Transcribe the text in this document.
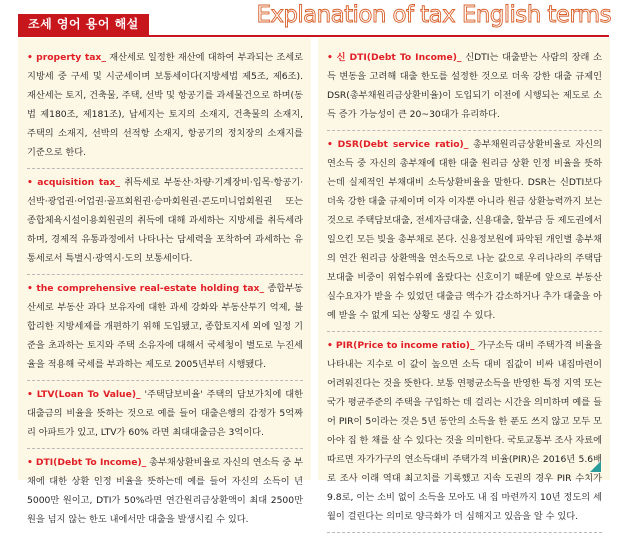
조세 영어 용어 해설	Explanation of tax English terms
• property tax_ 재산세로 일정한 재산에 대하여 부과되는 조세로 지방세 중 구세 및 시군세이며 보통세이다(지방세법 제5조, 제6조). 재산세는 토지, 건축물, 주택, 선박 및 항공기를 과세물건으로 하며(동법 제180조, 제181조), 납세지는 토지의 소재지, 건축물의 소재지, 주택의 소재지, 선박의 선적항 소재지, 항공기의 정치장의 소재지를 기준으로 한다.
• acquisition tax_ 취득세로 부동산·차량·기계장비·입목·항공기·선박·광업권·어업권·골프회원권·승마회원권·콘도미니엄회원권 또는 종합체육시설이용회원권의 취득에 대해 과세하는 지방세를 취득세라 하며, 경제적 유통과정에서 나타나는 담세력을 포착하여 과세하는 유통세로서 특별시·광역시·도의 보통세이다.
• the comprehensive real-estate holding tax_ 종합부동산세로 부동산 과다 보유자에 대한 과세 강화와 부동산투기 억제, 불합리한 지방세제를 개편하기 위해 도입됐고, 종합토지세 외에 일정 기준을 초과하는 토지와 주택 소유자에 대해서 국세청이 별도로 누진세율을 적용해 국세를 부과하는 제도로 2005년부터 시행됐다.
• LTV(Loan To Value)_ '주택담보비율' 주택의 담보가치에 대한 대출금의 비율을 뜻하는 것으로 예를 들어 대출은행의 감정가 5억짜리 아파트가 있고, LTV가 60% 라면 최대대출금은 3억이다.
• DTI(Debt To Income)_ 총부채상환비율로 자신의 연소득 중 부채에 대한 상환 인정 비율을 뜻하는데 예를 들어 자신의 소득이 년 5000만 원이고, DTI가 50%라면 연간원리금상환액이 최대 2500만 원을 넘지 않는 한도 내에서만 대출을 발생시킬 수 있다.
• 신 DTI(Debt To Income)_ 신DTI는 대출받는 사람의 장래 소득 변동을 고려해 대출 한도를 설정한 것으로 더욱 강한 대출 규제인 DSR(총부채원리금상환비율)이 도입되기 이전에 시행되는 제도로 소득 증가 가능성이 큰 20~30대가 유리하다.
• DSR(Debt service ratio)_ 총부채원리금상환비율로 자신의 연소득 중 자신의 총부채에 대한 대출 원리금 상환 인정 비율을 뜻하는데 실제적인 부채대비 소득상환비율을 말한다. DSR는 신DTI보다 더욱 강한 대출 규제이며 이자 이자뿐 아니라 원금 상환능력까지 보는 것으로 주택담보대출, 전세자금대출, 신용대출, 할부금 등 제도권에서 일으킨 모든 빚을 총부채로 본다. 신용정보원에 파악된 개인별 총부채의 연간 원리금 상환액을 연소득으로 나눈 값으로 우리나라의 주택담보대출 비중이 위험수위에 올랐다는 신호이기 때문에 앞으로 부동산 실수요자가 받을 수 있었던 대출금 액수가 감소하거나 추가 대출을 아예 받을 수 없게 되는 상황도 생길 수 있다.
• PIR(Price to income ratio)_ 가구소득 대비 주택가격 비율을 나타내는 지수로 이 값이 높으면 소득 대비 집값이 비싸 내집마련이 어려워진다는 것을 뜻한다. 보통 연평균소득을 반영한 특정 지역 또는 국가 평균주준의 주택을 구입하는 데 걸리는 시간을 의미하며 예를 들어 PIR이 5이라는 것은 5년 동안의 소득을 한 푼도 쓰지 않고 모두 모아야 집 한 채를 살 수 있다는 것을 의미한다. 국토교통부 조사 자료에 따르면 자가가구의 연소득대비 주택가격 비율(PIR)은 2016년 5.6배로 조사 이래 역대 최고치를 기록했고 지속 도권의 경우 PIR 수치가 9.8로, 이는 소비 없이 소득을 모아도 내 집 마련까지 10년 정도의 세월이 걸린다는 의미로 양극화가 더 심해지고 있음을 알 수 있다.
